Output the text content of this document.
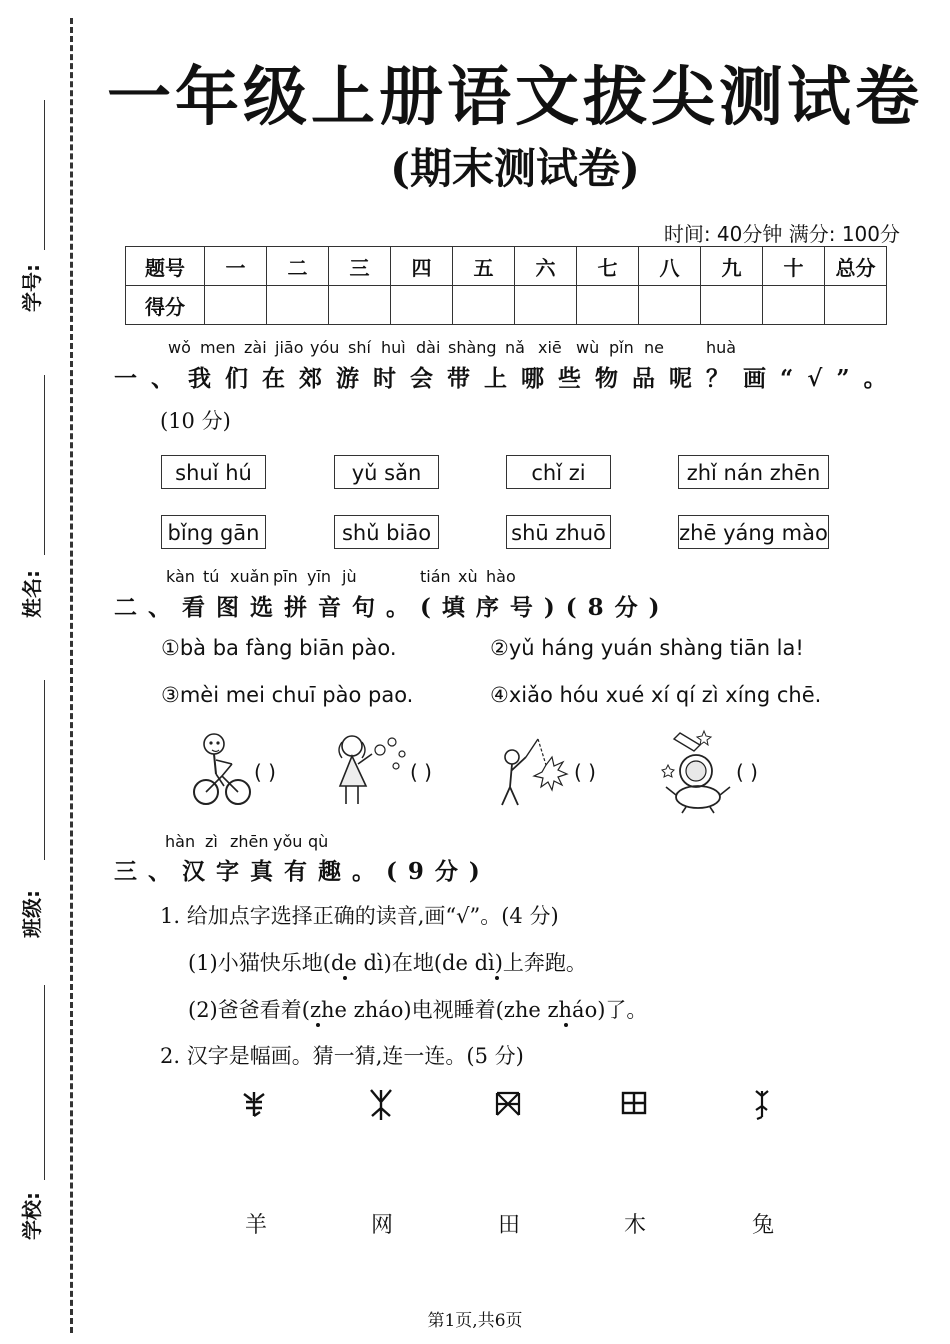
学号:
姓名:
班级:
学校:
一年级上册语文拔尖测试卷
(期末测试卷)
时间: 40分钟 满分: 100分
题号	一	二	三	四	五	六	七	八	九	十	总分
得分											
wǒ men zài jiāo yóu shí huì dài shàng nǎ xiē wù pǐn ne	huà
一、我们在郊游时会带上哪些物品呢？画“√”。
(10 分)
shuǐ hú	yǔ sǎn	chǐ zi	zhǐ nán zhēn
bǐng gān	shǔ biāo	shū zhuō	zhē yáng mào
kàn tú xuǎn pīn yīn jù	tián xù hào
二、看图选拼音句。(填序号)(8分)
①bà ba fàng biān pào.	②yǔ háng yuán shàng tiān la!
③mèi mei chuī pào pao.	④xiǎo hóu xué xí qí zì xíng chē.
( )	( )	( )	( )
hàn zì zhēn yǒu qù
三、汉字真有趣。(9分)
1. 给加点字选择正确的读音,画“√”。(4 分)
(1)小猫快乐地(de dì)在地(de dì)上奔跑。
(2)爸爸看着(zhe zháo)电视睡着(zhe zháo)了。
2. 汉字是幅画。猜一猜,连一连。(5 分)
羊	网	田	木	兔
第1页,共6页
